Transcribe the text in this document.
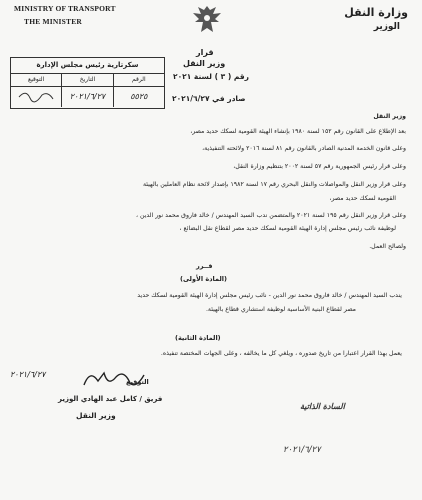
MINISTRY OF TRANSPORT
THE MINISTER
وزارة النقل
الوزير
قرار
وزير النقل
رقم ( ٣ ) لسنة ٢٠٢١
صادر في ٢٠٢١/٦/٢٧
سكرتارية رئيس مجلس الإدارة
التوقيع	التاريخ	الرقم
٢٠٢١/٦/٢٧	٥٥٢٥
وزير النقل
بعد الإطلاع على القانون رقم ١٥٢ لسنة ١٩٨٠ بإنشاء الهيئة القومية لسكك حديد مصر،
وعلى قانون الخدمة المدنية الصادر بالقانون رقم ٨١ لسنة ٢٠١٦ ولائحته التنفيذية،
وعلى قرار رئيس الجمهورية رقم ٥٧ لسنة ٢٠٠٢ بتنظيم وزارة النقل،
وعلى قرار وزير النقل والمواصلات والنقل البحري رقم ١٧ لسنة ١٩٨٢ بإصدار لائحة نظام العاملين بالهيئة
القومية لسكك حديد مصر،
وعلى قرار وزير النقل رقم ١٩٥ لسنة ٢٠٢١ والمتضمن ندب السيد المهندس / خالد فاروق محمد نور الدين ،
لوظيفة نائب رئيس مجلس إدارة الهيئة القومية لسكك حديد مصر لقطاع نقل البضائع ،
ولصالح العمل.
قــرر
(المادة الأولى)
يندب السيد المهندس / خالد فاروق محمد نور الدين - نائب رئيس مجلس إدارة الهيئة القومية لسكك حديد
مصر لقطاع البنية الأساسية لوظيفة استشاري قطاع بالهيئة.
(المادة الثانية)
يعمل بهذا القرار اعتبارا من تاريخ صدوره ، ويلغي كل ما يخالفه ، وعلى الجهات المختصة تنفيذه.
التوقيع
٢٠٢١/٦/٢٧
فريق / كامل عبد الهادي الوزير
وزير النقل
السادة الذاتية
٢٠٢١/٦/٢٧
